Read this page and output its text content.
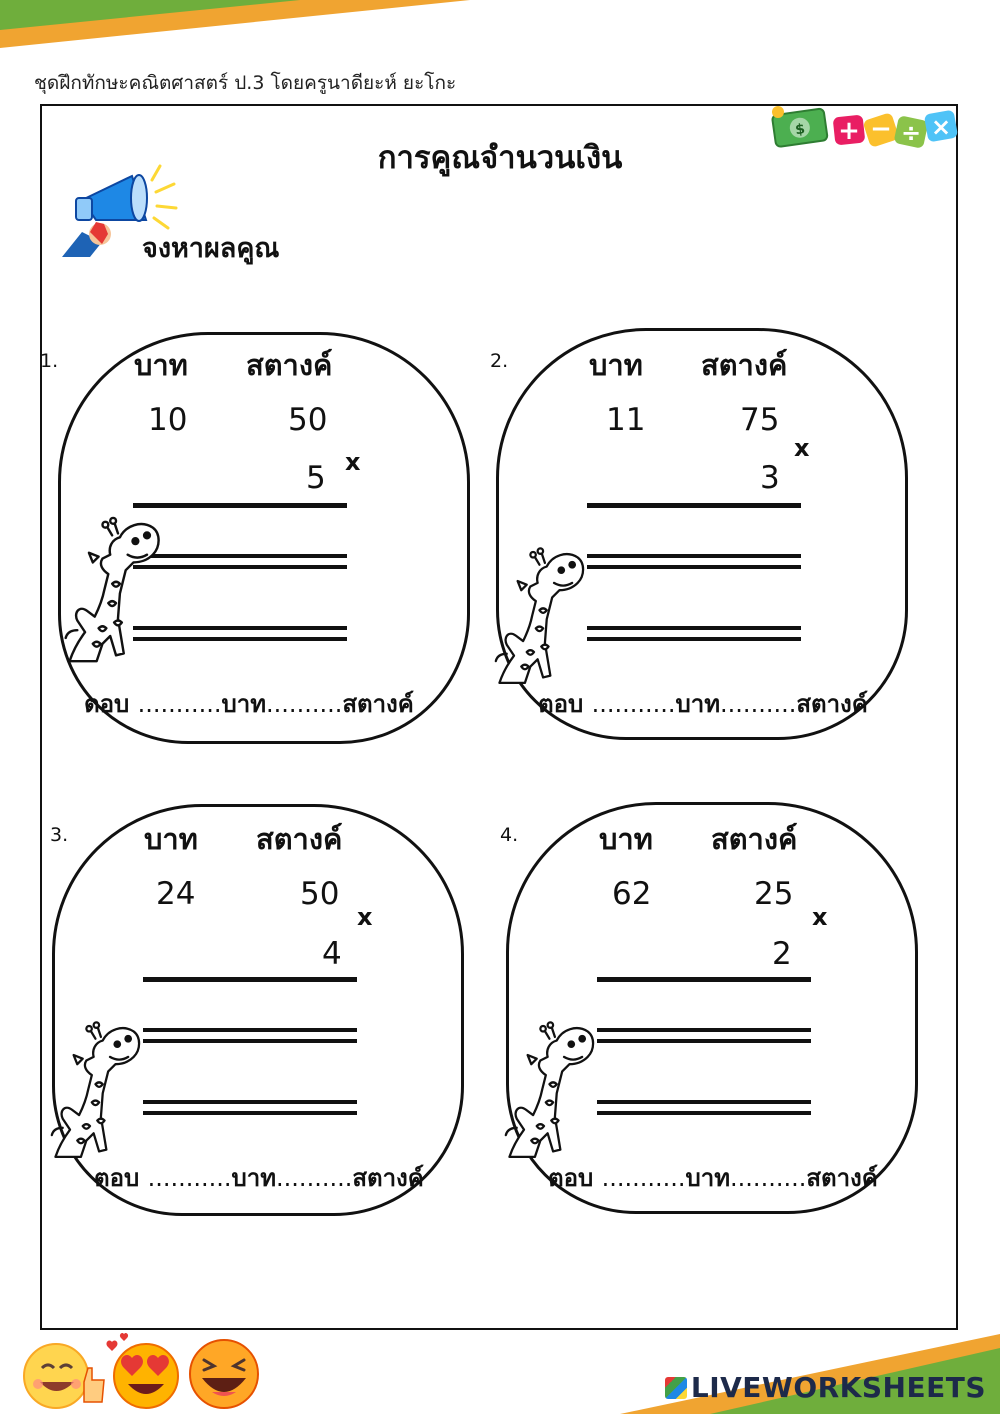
ชุดฝึกทักษะคณิตศาสตร์ ป.3 โดยครูนาดียะห์ ยะโกะ
การคูณจำนวนเงิน
$ + − ÷ ×
จงหาผลคูณ
1.	บาท สตางค์
10	50
x
5
ตอบ ...........บาท..........สตางค์
2.	บาท สตางค์
11	75
x
3
ตอบ ...........บาท..........สตางค์
3.	บาท สตางค์
24	50
x
4
ตอบ ...........บาท..........สตางค์
4.	บาท สตางค์
62	25
x
2
ตอบ ...........บาท..........สตางค์
LIVEWORKSHEETS
